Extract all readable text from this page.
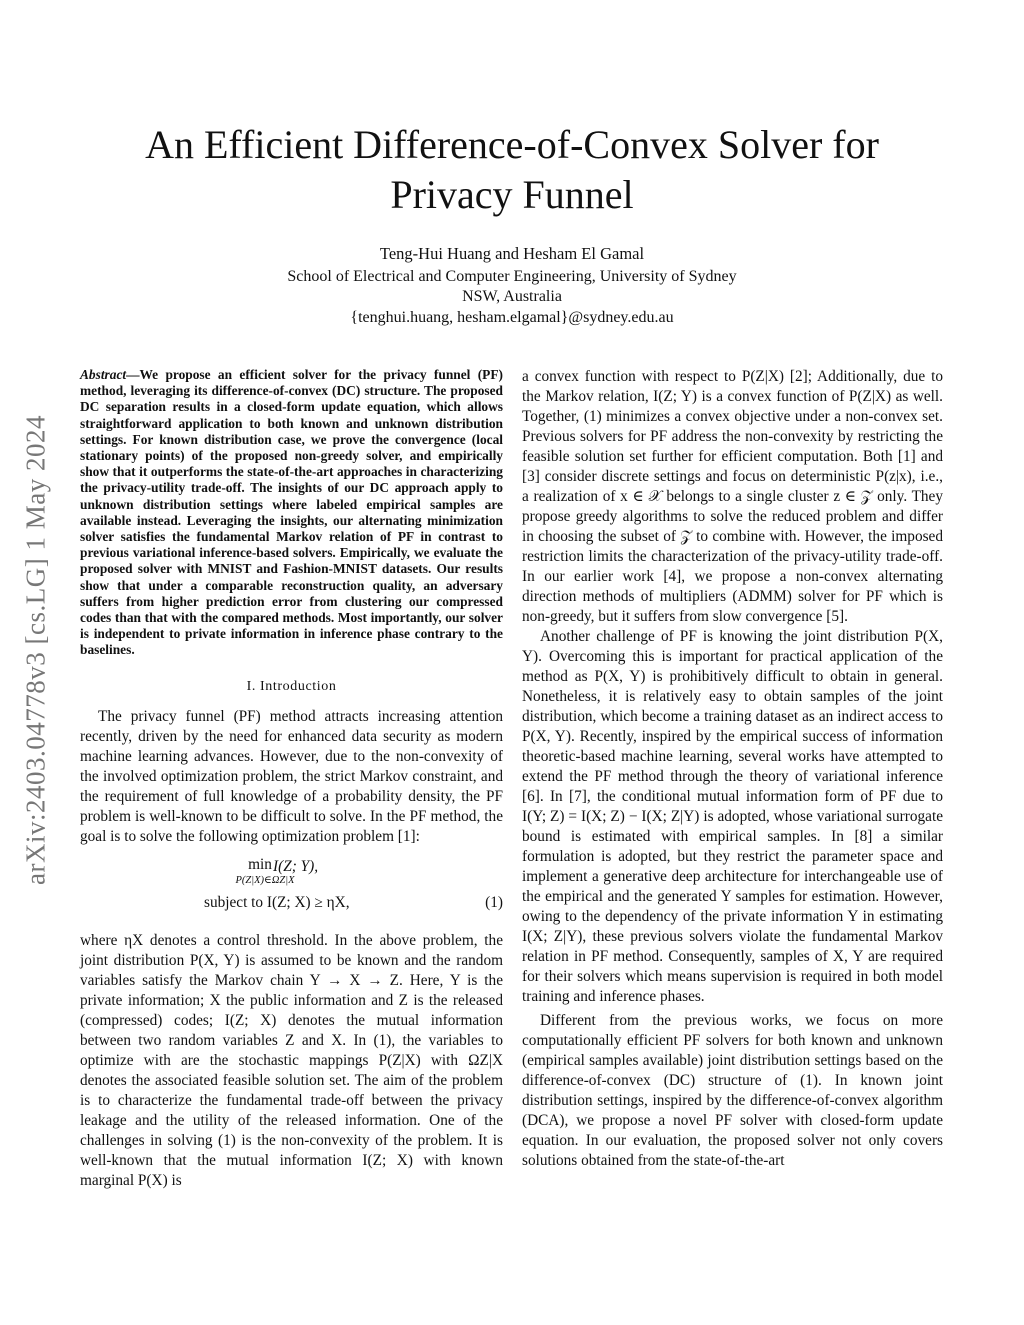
arXiv:2403.04778v3 [cs.LG] 1 May 2024
An Efficient Difference-of-Convex Solver for Privacy Funnel
Teng-Hui Huang and Hesham El Gamal
School of Electrical and Computer Engineering, University of Sydney
NSW, Australia
{tenghui.huang, hesham.elgamal}@sydney.edu.au

Abstract—We propose an efficient solver for the privacy funnel (PF) method, leveraging its difference-of-convex (DC) structure. The proposed DC separation results in a closed-form update equation, which allows straightforward application to both known and unknown distribution settings. For known distribution case, we prove the convergence (local stationary points) of the proposed non-greedy solver, and empirically show that it outperforms the state-of-the-art approaches in characterizing the privacy-utility trade-off. The insights of our DC approach apply to unknown distribution settings where labeled empirical samples are available instead. Leveraging the insights, our alternating minimization solver satisfies the fundamental Markov relation of PF in contrast to previous variational inference-based solvers. Empirically, we evaluate the proposed solver with MNIST and Fashion-MNIST datasets. Our results show that under a comparable reconstruction quality, an adversary suffers from higher prediction error from clustering our compressed codes than that with the compared methods. Most importantly, our solver is independent to private information in inference phase contrary to the baselines.

I. Introduction

The privacy funnel (PF) method attracts increasing attention recently, driven by the need for enhanced data security as modern machine learning advances. However, due to the non-convexity of the involved optimization problem, the strict Markov constraint, and the requirement of full knowledge of a probability density, the PF problem is well-known to be difficult to solve. In the PF method, the goal is to solve the following optimization problem [1]:

min
P(Z|X)∈ΩZ|X
I(Z; Y),
subject to I(Z; X) ≥ ηX,	(1)

where ηX denotes a control threshold. In the above problem, the joint distribution P(X, Y) is assumed to be known and the random variables satisfy the Markov chain Y → X → Z. Here, Y is the private information; X the public information and Z is the released (compressed) codes; I(Z; X) denotes the mutual information between two random variables Z and X. In (1), the variables to optimize with are the stochastic mappings P(Z|X) with ΩZ|X denotes the associated feasible solution set. The aim of the problem is to characterize the fundamental trade-off between the privacy leakage and the utility of the released information. One of the challenges in solving (1) is the non-convexity of the problem. It is well-known that the mutual information I(Z; X) with known marginal P(X) is

a convex function with respect to P(Z|X) [2]; Additionally, due to the Markov relation, I(Z; Y) is a convex function of P(Z|X) as well. Together, (1) minimizes a convex objective under a non-convex set. Previous solvers for PF address the non-convexity by restricting the feasible solution set further for efficient computation. Both [1] and [3] consider discrete settings and focus on deterministic P(z|x), i.e., a realization of x ∈ 𝒳 belongs to a single cluster z ∈ 𝒵 only. They propose greedy algorithms to solve the reduced problem and differ in choosing the subset of 𝒵 to combine with. However, the imposed restriction limits the characterization of the privacy-utility trade-off. In our earlier work [4], we propose a non-convex alternating direction methods of multipliers (ADMM) solver for PF which is non-greedy, but it suffers from slow convergence [5].

Another challenge of PF is knowing the joint distribution P(X, Y). Overcoming this is important for practical application of the method as P(X, Y) is prohibitively difficult to obtain in general. Nonetheless, it is relatively easy to obtain samples of the joint distribution, which become a training dataset as an indirect access to P(X, Y). Recently, inspired by the empirical success of information theoretic-based machine learning, several works have attempted to extend the PF method through the theory of variational inference [6]. In [7], the conditional mutual information form of PF due to I(Y; Z) = I(X; Z) − I(X; Z|Y) is adopted, whose variational surrogate bound is estimated with empirical samples. In [8] a similar formulation is adopted, but they restrict the parameter space and implement a generative deep architecture for interchangeable use of the empirical and the generated Y samples for estimation. However, owing to the dependency of the private information Y in estimating I(X; Z|Y), these previous solvers violate the fundamental Markov relation in PF method. Consequently, samples of X, Y are required for their solvers which means supervision is required in both model training and inference phases.

Different from the previous works, we focus on more computationally efficient PF solvers for both known and unknown (empirical samples available) joint distribution settings based on the difference-of-convex (DC) structure of (1). In known joint distribution settings, inspired by the difference-of-convex algorithm (DCA), we propose a novel PF solver with closed-form update equation. In our evaluation, the proposed solver not only covers solutions obtained from the state-of-the-art
